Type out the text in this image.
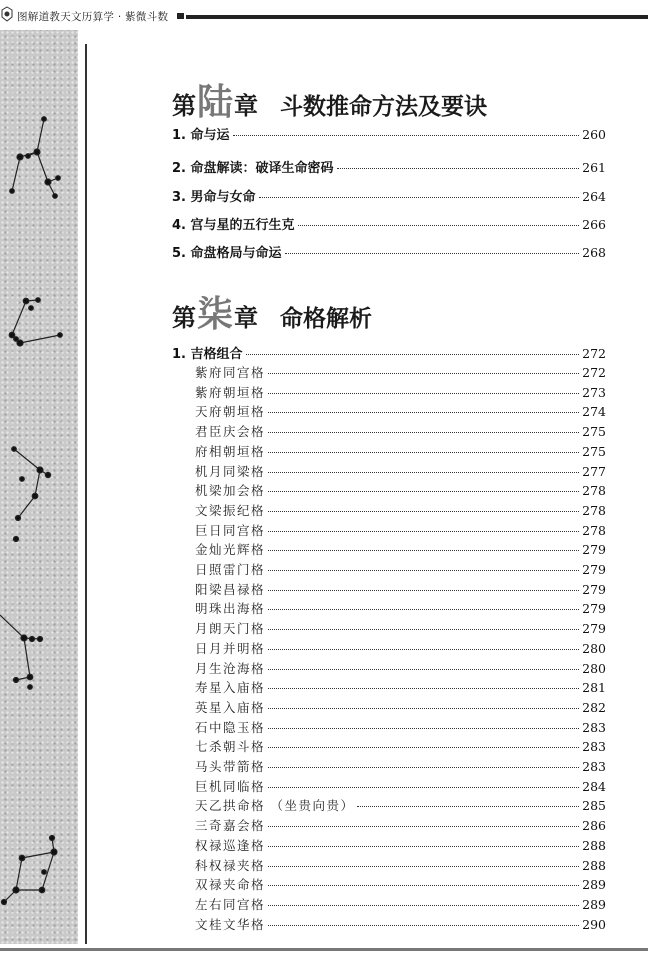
图解道教天文历算学 · 紫微斗数
第陆章 斗数推命方法及要诀
1. 命与运	260
2. 命盘解读：破译生命密码	261
3. 男命与女命	264
4. 宫与星的五行生克	266
5. 命盘格局与命运	268
第柒章 命格解析
1. 吉格组合	272
紫府同宫格	272
紫府朝垣格	273
天府朝垣格	274
君臣庆会格	275
府相朝垣格	275
机月同梁格	277
机梁加会格	278
文梁振纪格	278
巨日同宫格	278
金灿光辉格	279
日照雷门格	279
阳梁昌禄格	279
明珠出海格	279
月朗天门格	279
日月并明格	280
月生沧海格	280
寿星入庙格	281
英星入庙格	282
石中隐玉格	283
七杀朝斗格	283
马头带箭格	283
巨机同临格	284
天乙拱命格 （坐贵向贵）	285
三奇嘉会格	286
权禄巡逢格	288
科权禄夹格	288
双禄夹命格	289
左右同宫格	289
文桂文华格	290
